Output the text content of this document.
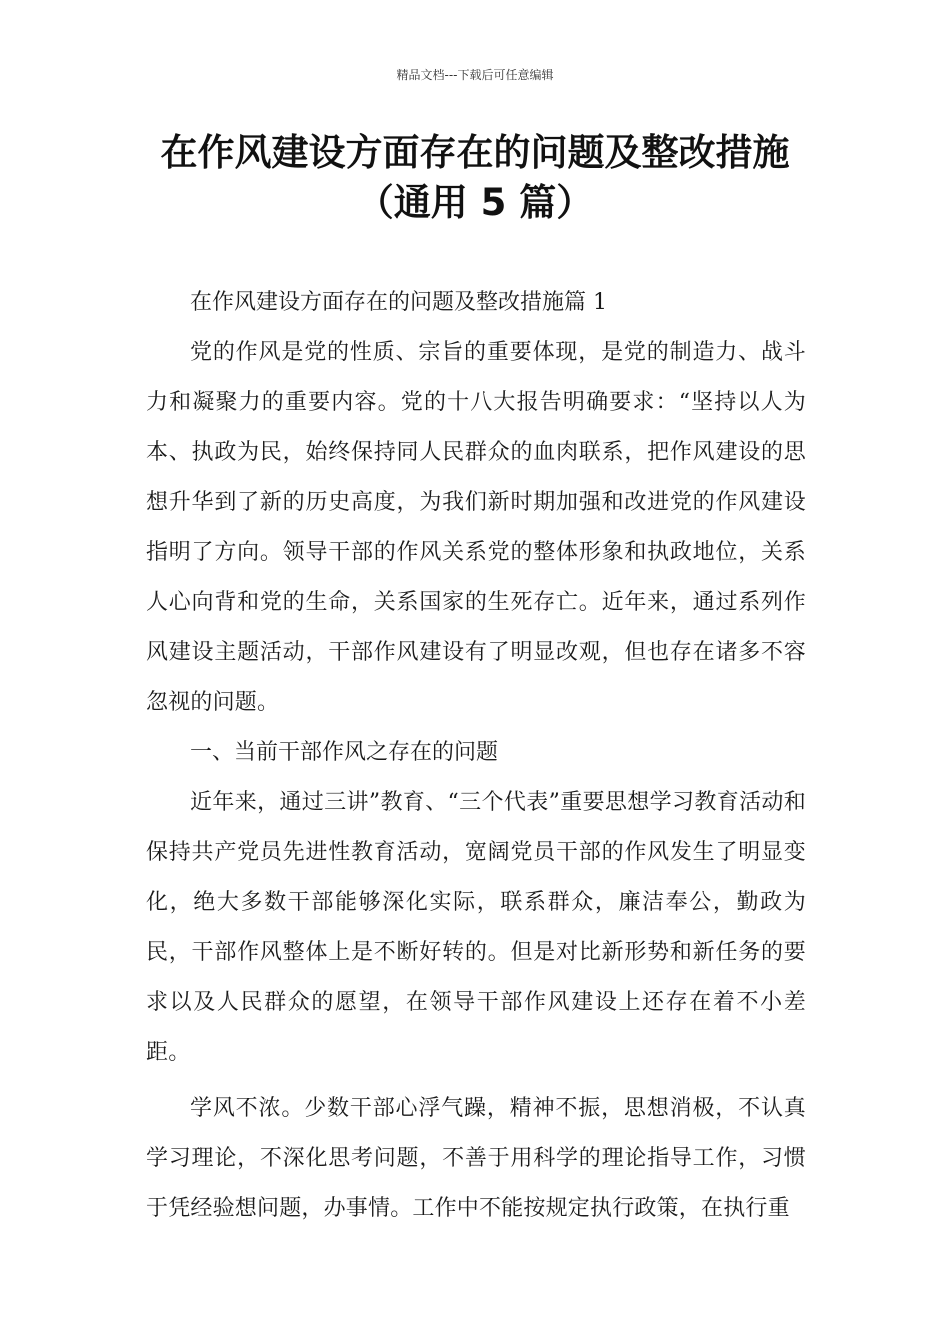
精品文档---下载后可任意编辑
在作风建设方面存在的问题及整改措施
（通用 5 篇）

在作风建设方面存在的问题及整改措施篇 1

党的作风是党的性质、宗旨的重要体现，是党的制造力、战斗力和凝聚力的重要内容。党的十八大报告明确要求：“坚持以人为本、执政为民，始终保持同人民群众的血肉联系，把作风建设的思想升华到了新的历史高度，为我们新时期加强和改进党的作风建设指明了方向。领导干部的作风关系党的整体形象和执政地位，关系人心向背和党的生命，关系国家的生死存亡。近年来，通过系列作风建设主题活动，干部作风建设有了明显改观，但也存在诸多不容忽视的问题。

一、当前干部作风之存在的问题

近年来，通过三讲”教育、“三个代表”重要思想学习教育活动和保持共产党员先进性教育活动，宽阔党员干部的作风发生了明显变化，绝大多数干部能够深化实际，联系群众，廉洁奉公，勤政为民，干部作风整体上是不断好转的。但是对比新形势和新任务的要求以及人民群众的愿望，在领导干部作风建设上还存在着不小差距。

学风不浓。少数干部心浮气躁，精神不振，思想消极，不认真学习理论，不深化思考问题，不善于用科学的理论指导工作，习惯于凭经验想问题，办事情。工作中不能按规定执行政策，在执行重
